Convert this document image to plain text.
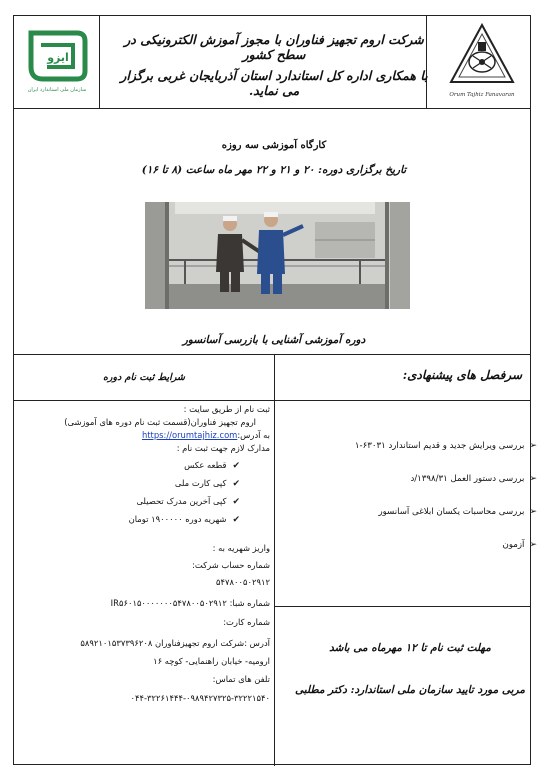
ایزو
سازمان ملی استاندارد ایران
شرکت اروم تجهیز فناوران با مجوز آموزش الکترونیکی در سطح کشور
با همکاری اداره کل استاندارد استان آذربایجان غربی برگزار می نماید.	Orum Tajhiz Fanavaran
کارگاه آموزشی سه روزه
تاریخ برگزاری دوره: ۲۰ و ۲۱ و ۲۲ مهر ماه ساعت (۸ تا ۱۶)
دوره آموزشی آشنایی با بازرسی آسانسور
شرایط ثبت نام دوره	سرفصل های پیشنهادی:
ثبت نام از طریق سایت :
اروم تجهیز فناوران(قسمت ثبت نام دوره های آموزشی)
به آدرس:https://orumtajhiz.com
مدارک لازم جهت ثبت نام :
✔قطعه عکس
✔کپی کارت ملی
✔کپی آخرین مدرک تحصیلی
✔شهریه دوره ۱۹۰۰۰۰۰ تومان
واریز شهریه به :
شماره حساب شرکت:
۵۴۷۸۰۰۵۰۲۹۱۲
شماره شبا: IR۵۶۰۱۵۰۰۰۰۰۰۰۵۴۷۸۰۰۵۰۲۹۱۲
شماره کارت:
آدرس :شرکت اروم تجهیزفناوران ۵۸۹۲۱۰۱۵۳۷۳۹۶۲۰۸
ارومیه- خیابان راهنمایی- کوچه ۱۶
تلفن های تماس:
۰۴۴-۳۲۲۶۱۴۴۴-۰۹۸۹۴۲۷۳۲۵-۳۲۲۲۱۵۴۰
➢بررسی ویرایش جدید و قدیم استاندارد ۶۳۰۳۱-۱
➢بررسی دستور العمل ۱۳۹۸/۳۱/د
➢بررسی محاسبات یکسان ابلاغی آسانسور
➢آزمون
مهلت ثبت نام تا ۱۲ مهرماه می باشد
مربی مورد تایید سازمان ملی استاندارد: دکتر مطلبی
